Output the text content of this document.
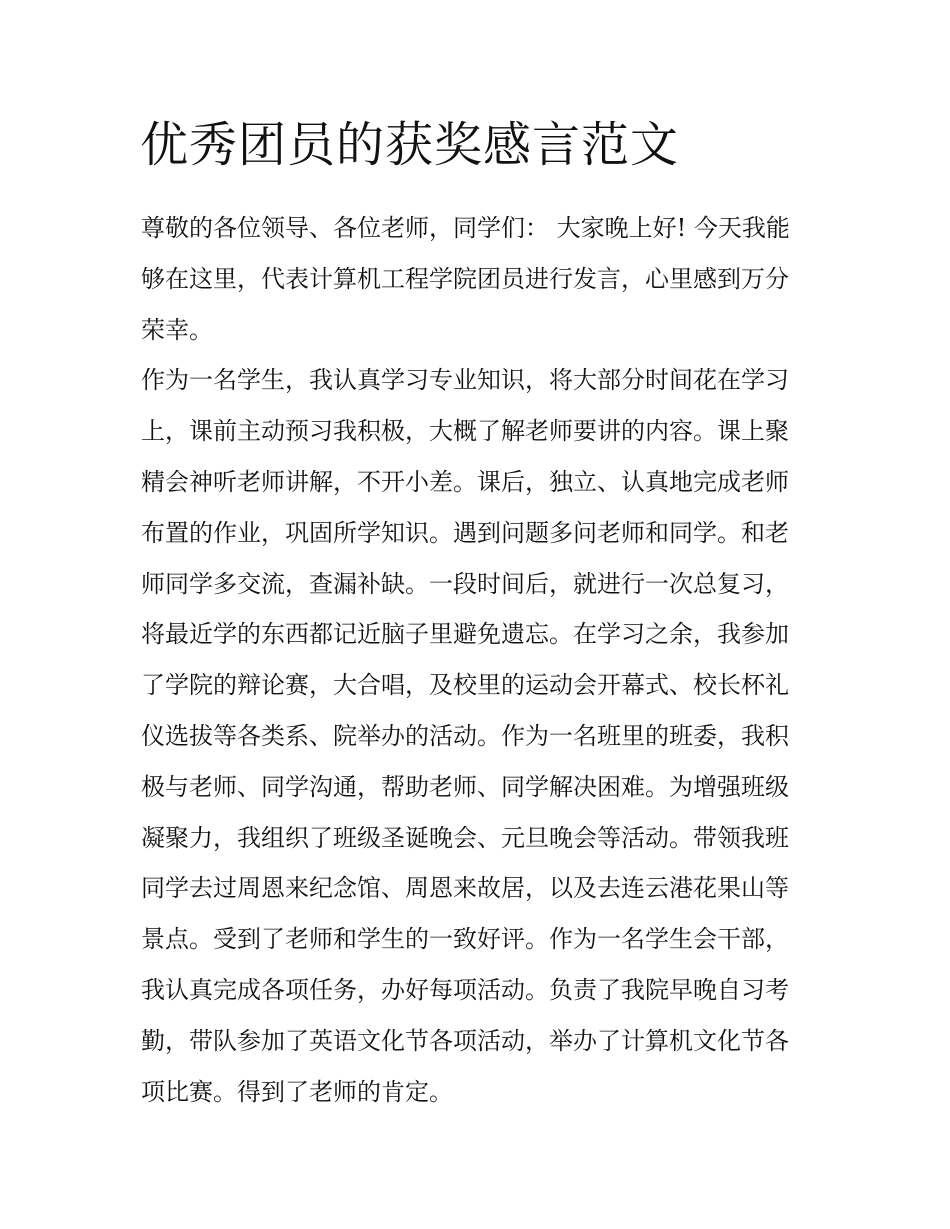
优秀团员的获奖感言范文
尊敬的各位领导、各位老师，同学们： 大家晚上好! 今天我能
够在这里，代表计算机工程学院团员进行发言，心里感到万分
荣幸。
作为一名学生，我认真学习专业知识，将大部分时间花在学习
上，课前主动预习我积极，大概了解老师要讲的内容。课上聚
精会神听老师讲解，不开小差。课后，独立、认真地完成老师
布置的作业，巩固所学知识。遇到问题多问老师和同学。和老
师同学多交流，查漏补缺。一段时间后，就进行一次总复习，
将最近学的东西都记近脑子里避免遗忘。在学习之余，我参加
了学院的辩论赛，大合唱，及校里的运动会开幕式、校长杯礼
仪选拔等各类系、院举办的活动。作为一名班里的班委，我积
极与老师、同学沟通，帮助老师、同学解决困难。为增强班级
凝聚力，我组织了班级圣诞晚会、元旦晚会等活动。带领我班
同学去过周恩来纪念馆、周恩来故居，以及去连云港花果山等
景点。受到了老师和学生的一致好评。作为一名学生会干部，
我认真完成各项任务，办好每项活动。负责了我院早晚自习考
勤，带队参加了英语文化节各项活动，举办了计算机文化节各
项比赛。得到了老师的肯定。
